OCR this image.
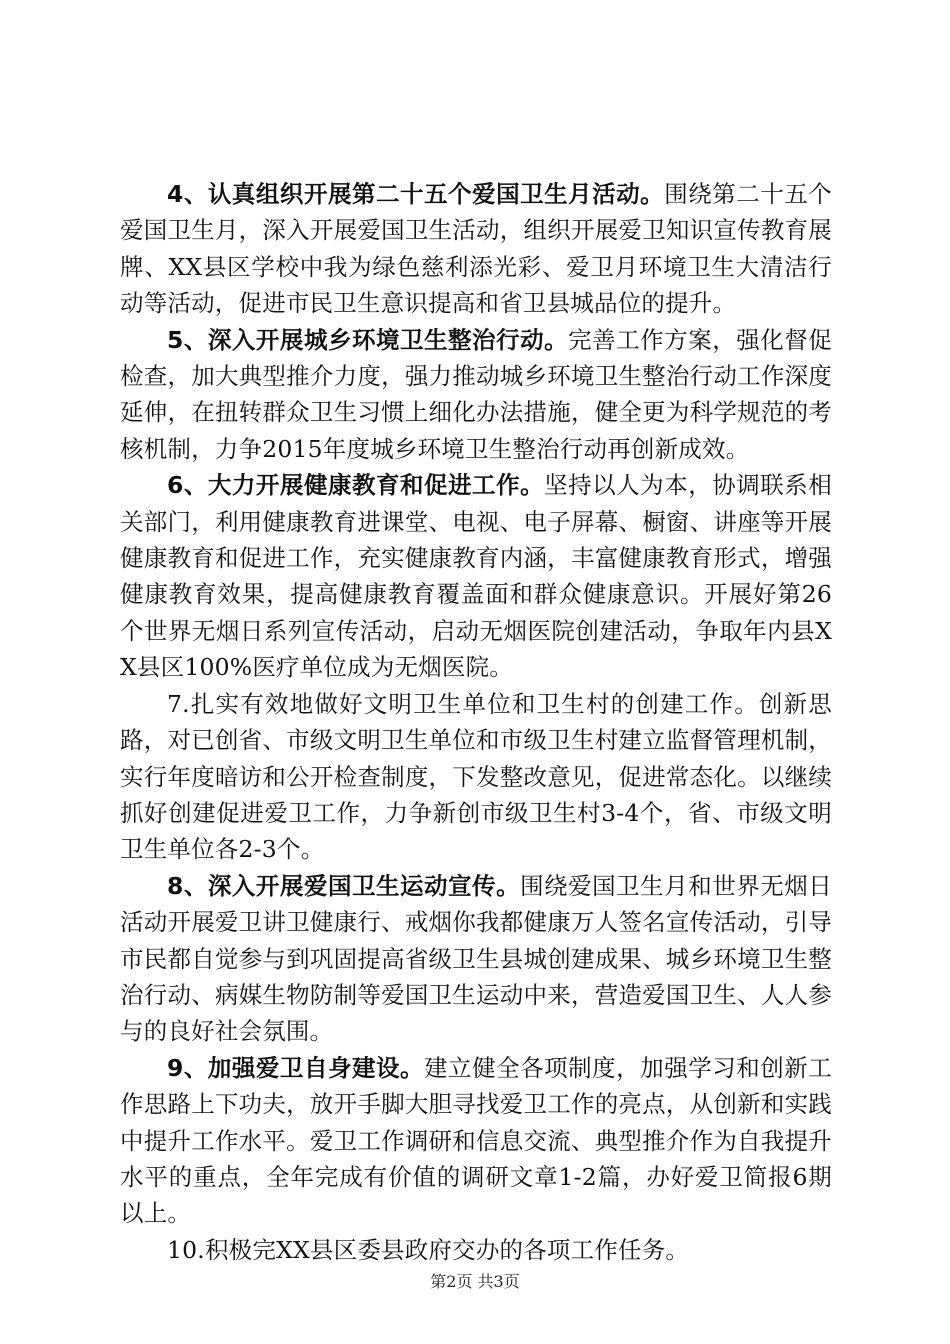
4、认真组织开展第二十五个爱国卫生月活动。围绕第二十五个爱国卫生月，深入开展爱国卫生活动，组织开展爱卫知识宣传教育展牌、XX县区学校中我为绿色慈利添光彩、爱卫月环境卫生大清洁行动等活动，促进市民卫生意识提高和省卫县城品位的提升。

5、深入开展城乡环境卫生整治行动。完善工作方案，强化督促检查，加大典型推介力度，强力推动城乡环境卫生整治行动工作深度延伸，在扭转群众卫生习惯上细化办法措施，健全更为科学规范的考核机制，力争2015年度城乡环境卫生整治行动再创新成效。

6、大力开展健康教育和促进工作。坚持以人为本，协调联系相关部门，利用健康教育进课堂、电视、电子屏幕、橱窗、讲座等开展健康教育和促进工作，充实健康教育内涵，丰富健康教育形式，增强健康教育效果，提高健康教育覆盖面和群众健康意识。开展好第26个世界无烟日系列宣传活动，启动无烟医院创建活动，争取年内县XX县区100%医疗单位成为无烟医院。

7.扎实有效地做好文明卫生单位和卫生村的创建工作。创新思路，对已创省、市级文明卫生单位和市级卫生村建立监督管理机制，实行年度暗访和公开检查制度，下发整改意见，促进常态化。以继续抓好创建促进爱卫工作，力争新创市级卫生村3-4个，省、市级文明卫生单位各2-3个。

8、深入开展爱国卫生运动宣传。围绕爱国卫生月和世界无烟日活动开展爱卫讲卫健康行、戒烟你我都健康万人签名宣传活动，引导市民都自觉参与到巩固提高省级卫生县城创建成果、城乡环境卫生整治行动、病媒生物防制等爱国卫生运动中来，营造爱国卫生、人人参与的良好社会氛围。

9、加强爱卫自身建设。建立健全各项制度，加强学习和创新工作思路上下功夫，放开手脚大胆寻找爱卫工作的亮点，从创新和实践中提升工作水平。爱卫工作调研和信息交流、典型推介作为自我提升水平的重点，全年完成有价值的调研文章1-2篇，办好爱卫简报6期以上。

10.积极完XX县区委县政府交办的各项工作任务。

第2页 共3页
